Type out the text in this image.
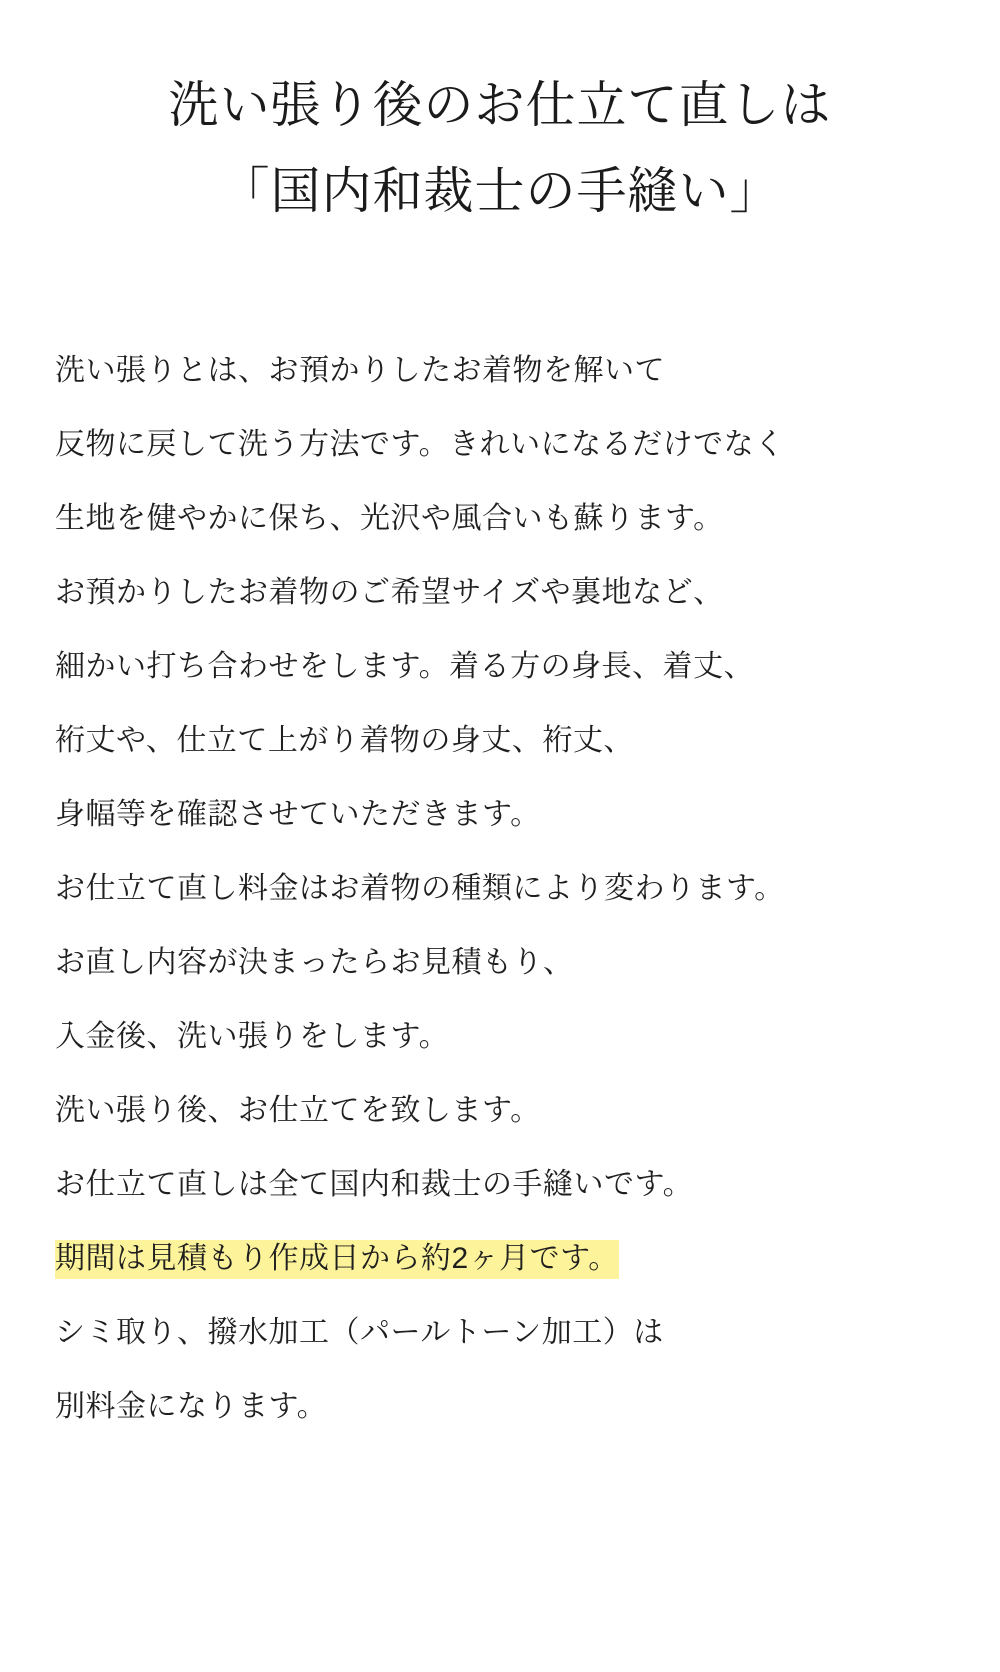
洗い張り後のお仕立て直しは
「国内和裁士の手縫い」
洗い張りとは、お預かりしたお着物を解いて
反物に戻して洗う方法です。きれいになるだけでなく
生地を健やかに保ち、光沢や風合いも蘇ります。
お預かりしたお着物のご希望サイズや裏地など、
細かい打ち合わせをします。着る方の身長、着丈、
裄丈や、仕立て上がり着物の身丈、裄丈、
身幅等を確認させていただきます。
お仕立て直し料金はお着物の種類により変わります。
お直し内容が決まったらお見積もり、
入金後、洗い張りをします。
洗い張り後、お仕立てを致します。
お仕立て直しは全て国内和裁士の手縫いです。
期間は見積もり作成日から約2ヶ月です。
シミ取り、撥水加工（パールトーン加工）は
別料金になります。
